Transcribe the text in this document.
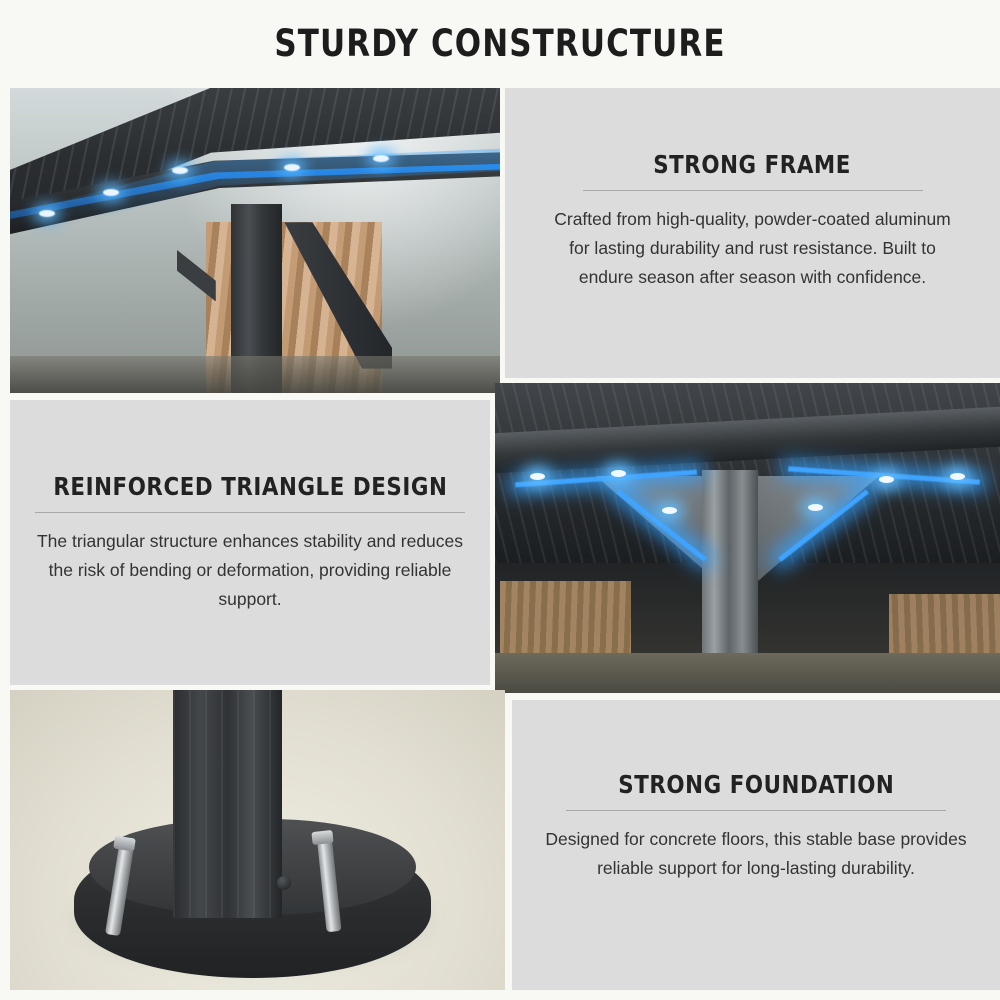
STURDY CONSTRUCTURE
STRONG FRAME

Crafted from high-quality, powder-coated aluminum for lasting durability and rust resistance. Built to endure season after season with confidence.

REINFORCED TRIANGLE DESIGN

The triangular structure enhances stability and reduces the risk of bending or deformation, providing reliable support.

STRONG FOUNDATION

Designed for concrete floors, this stable base provides reliable support for long-lasting durability.
